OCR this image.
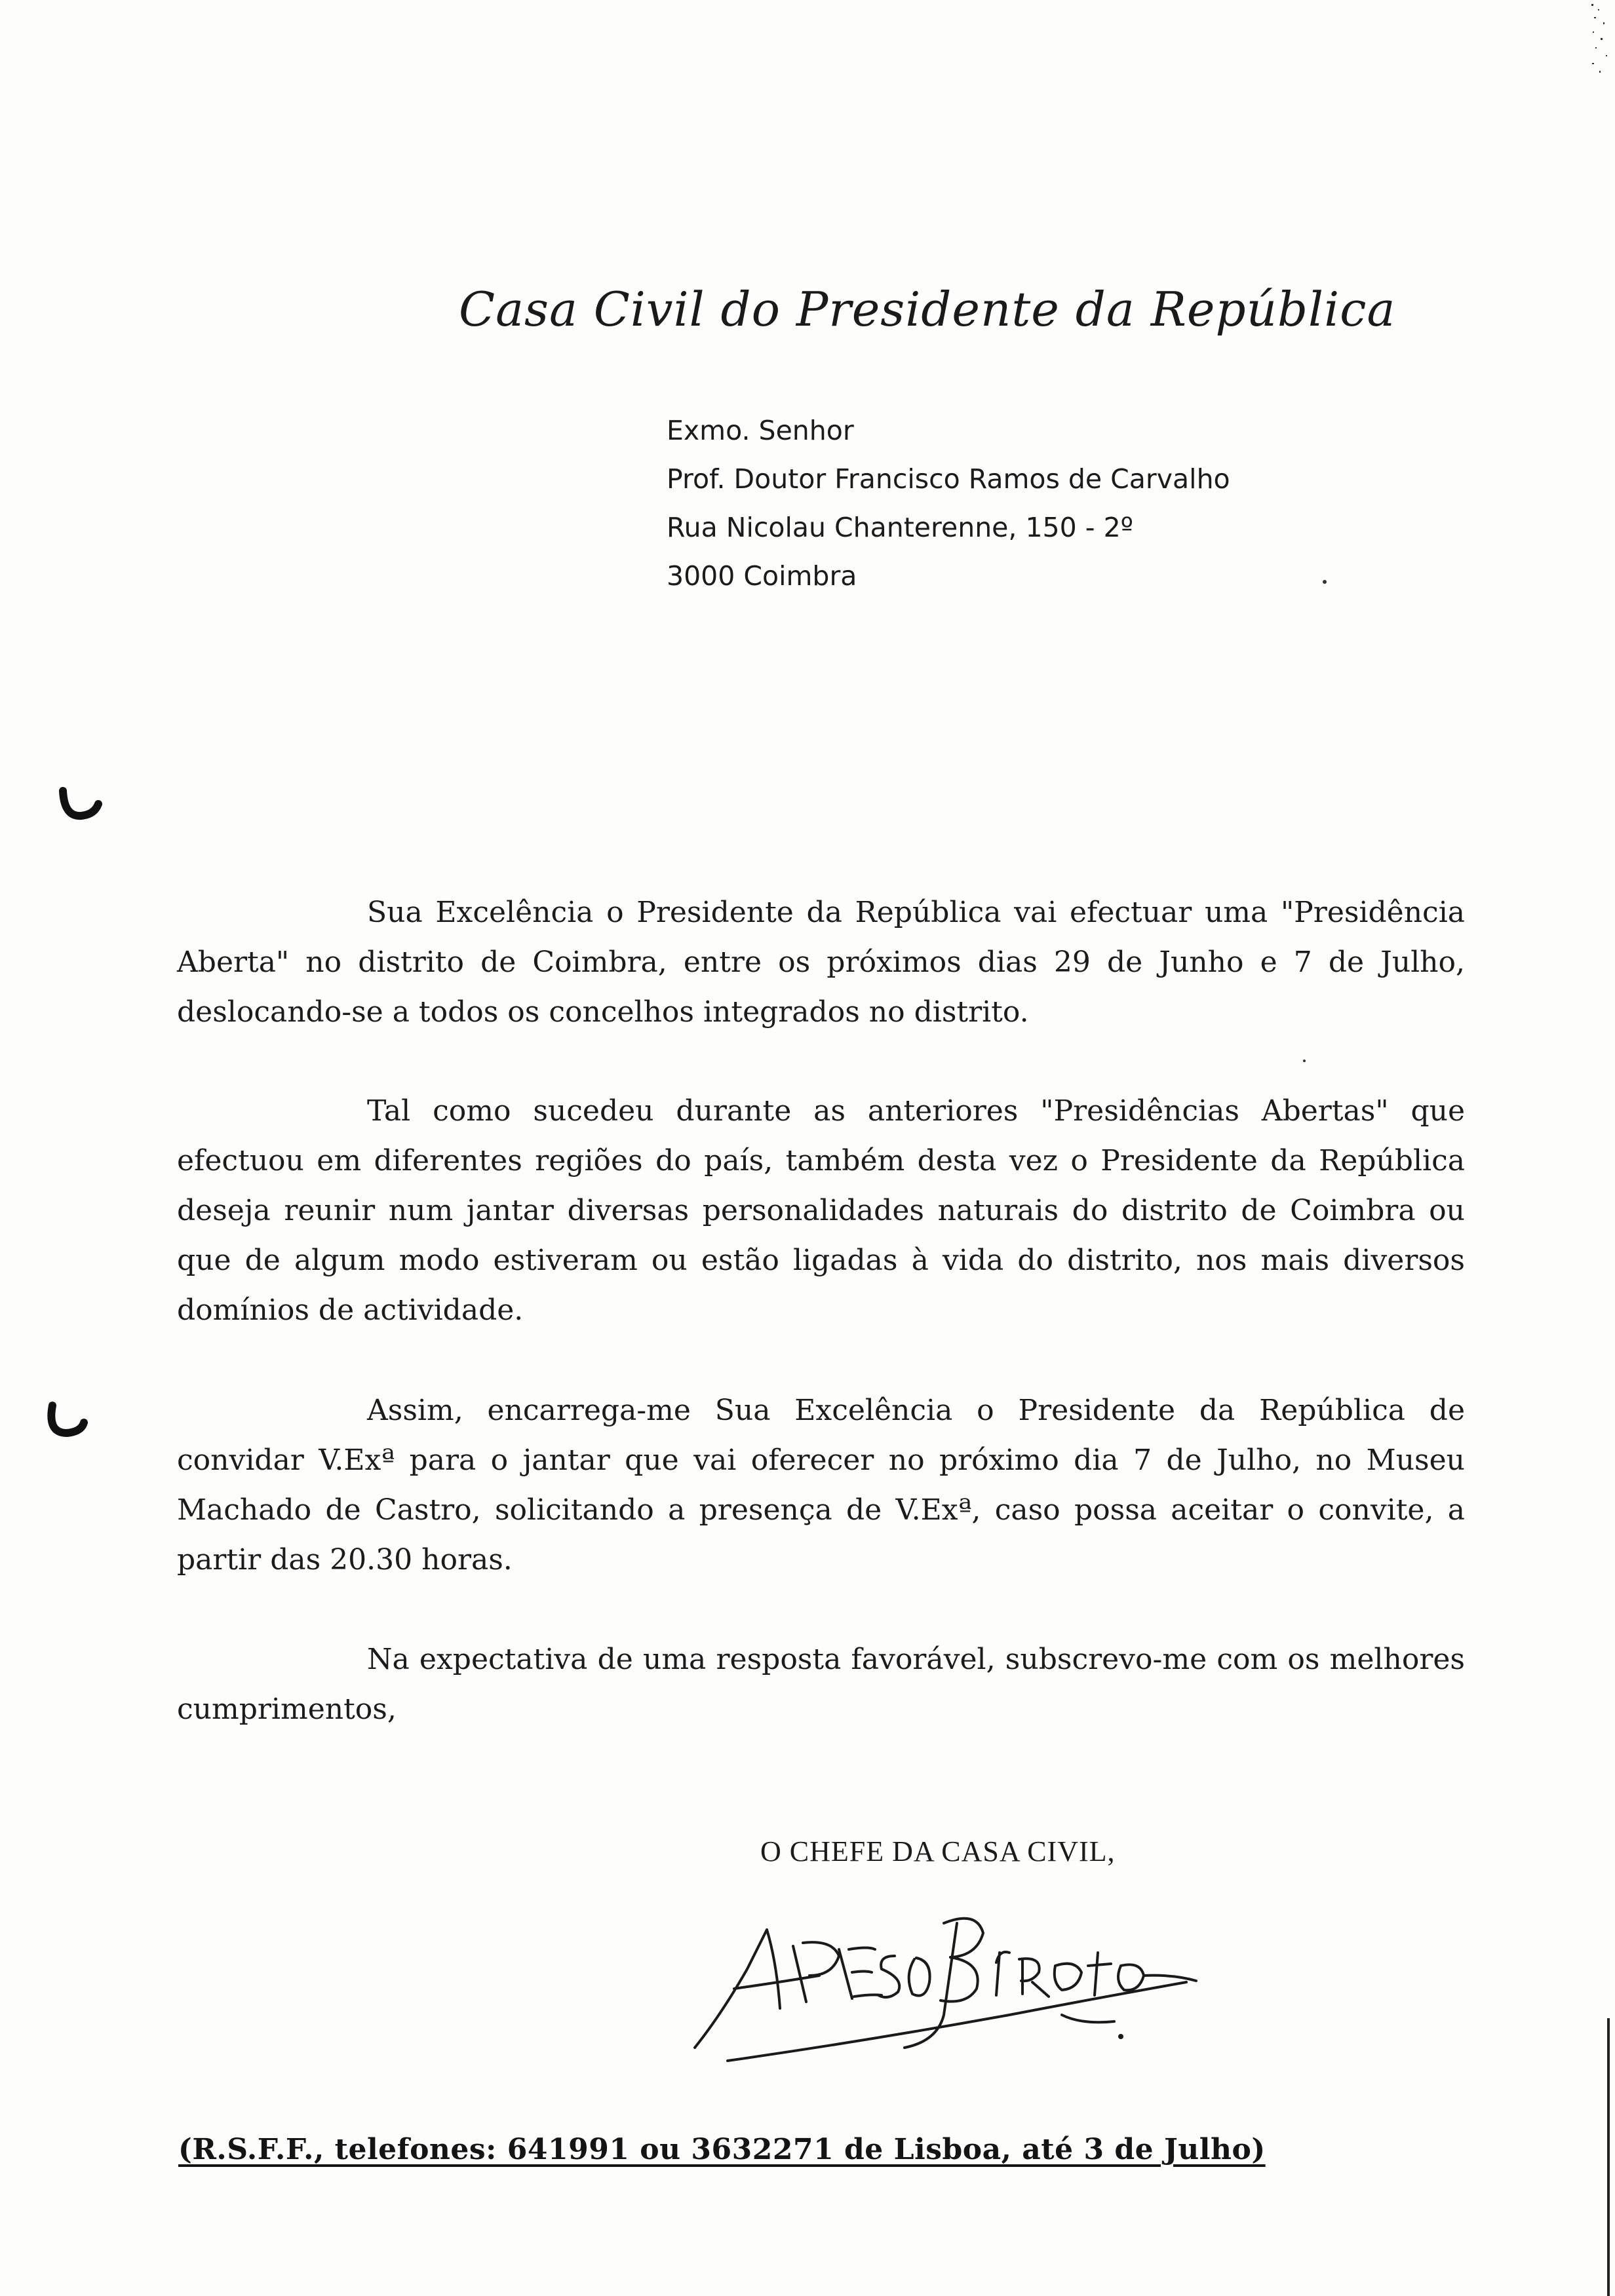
Casa Civil do Presidente da República
Exmo. Senhor
Prof. Doutor Francisco Ramos de Carvalho
Rua Nicolau Chanterenne, 150 - 2º
3000 Coimbra

Sua Excelência o Presidente da República vai efectuar uma "Presidência Aberta" no distrito de Coimbra, entre os próximos dias 29 de Junho e 7 de Julho, deslocando-se a todos os concelhos integrados no distrito.

Tal como sucedeu durante as anteriores "Presidências Abertas" que efectuou em diferentes regiões do país, também desta vez o Presidente da República deseja reunir num jantar diversas personalidades naturais do distrito de Coimbra ou que de algum modo estiveram ou estão ligadas à vida do distrito, nos mais diversos domínios de actividade.

Assim, encarrega-me Sua Excelência o Presidente da República de convidar V.Exª para o jantar que vai oferecer no próximo dia 7 de Julho, no Museu Machado de Castro, solicitando a presença de V.Exª, caso possa aceitar o convite, a partir das 20.30 horas.

Na expectativa de uma resposta favorável, subscrevo-me com os melhores cumprimentos,

O CHEFE DA CASA CIVIL,
(R.S.F.F., telefones: 641991 ou 3632271 de Lisboa, até 3 de Julho)
